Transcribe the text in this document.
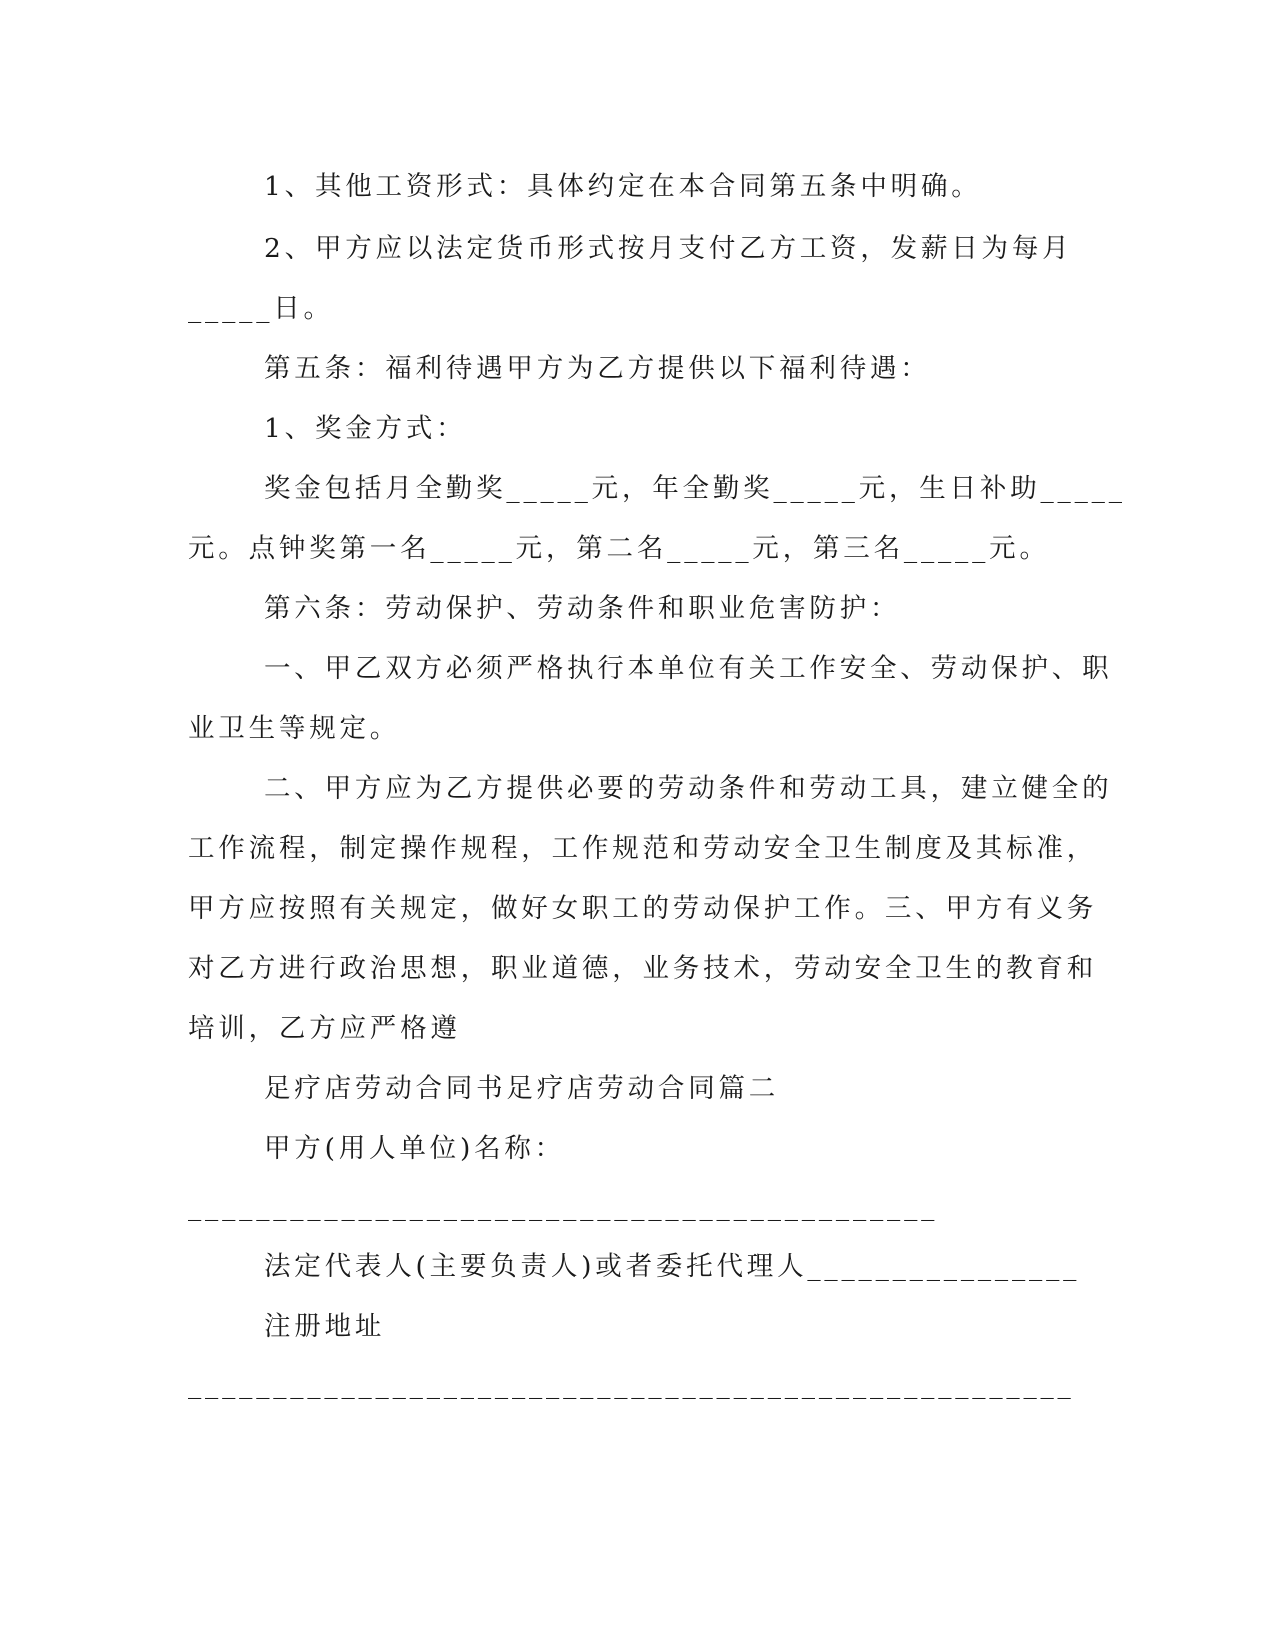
1、其他工资形式：具体约定在本合同第五条中明确。
2、甲方应以法定货币形式按月支付乙方工资，发薪日为每月
_____日。
第五条：福利待遇甲方为乙方提供以下福利待遇：
1、奖金方式：
奖金包括月全勤奖_____元，年全勤奖_____元，生日补助_____
元。点钟奖第一名_____元，第二名_____元，第三名_____元。
第六条：劳动保护、劳动条件和职业危害防护：
一、甲乙双方必须严格执行本单位有关工作安全、劳动保护、职
业卫生等规定。
二、甲方应为乙方提供必要的劳动条件和劳动工具，建立健全的
工作流程，制定操作规程，工作规范和劳动安全卫生制度及其标准，
甲方应按照有关规定，做好女职工的劳动保护工作。三、甲方有义务
对乙方进行政治思想，职业道德，业务技术，劳动安全卫生的教育和
培训，乙方应严格遵
足疗店劳动合同书足疗店劳动合同篇二
甲方(用人单位)名称：
____________________________________________
法定代表人(主要负责人)或者委托代理人________________
注册地址
____________________________________________________
